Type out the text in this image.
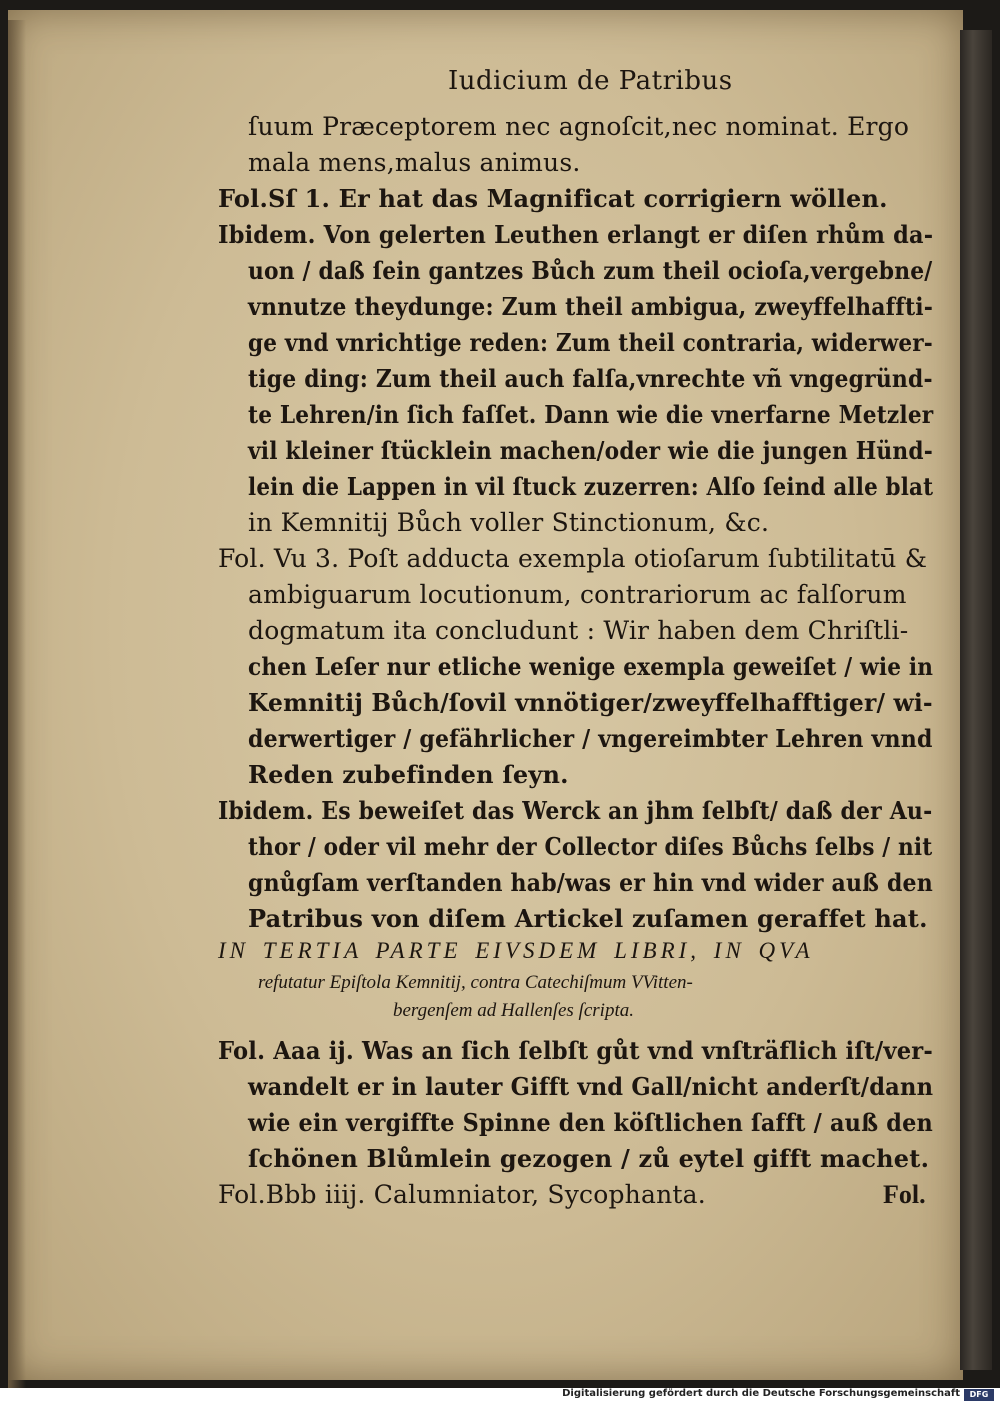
Iudicium de Patribus
ſuum Præceptorem nec agnoſcit,nec nominat. Ergo
mala mens,malus animus.
Fol.Sſ 1. Er hat das Magnificat corrigiern wöllen.
Ibidem. Von gelerten Leuthen erlangt er diſen rhům da-
uon / daß ſein gantzes Bůch zum theil ocioſa,vergebne/
vnnutze theydunge: Zum theil ambigua, zweyffelhaffti-
ge vnd vnrichtige reden: Zum theil contraria, widerwer-
tige ding: Zum theil auch falſa,vnrechte vñ vngegründ-
te Lehren/in ſich faſſet. Dann wie die vnerfarne Metzler
vil kleiner ſtücklein machen/oder wie die jungen Hünd-
lein die Lappen in vil ſtuck zuzerren: Alſo ſeind alle blat
in Kemnitij Bůch voller Stinctionum, &c.
Fol. Vu 3. Poſt adducta exempla otioſarum ſubtilitatū &
ambiguarum locutionum, contrariorum ac falſorum
dogmatum ita concludunt : Wir haben dem Chriſtli-
chen Leſer nur etliche wenige exempla geweiſet / wie in
Kemnitij Bůch/ſovil vnnötiger/zweyffelhafftiger/ wi-
derwertiger / gefährlicher / vngereimbter Lehren vnnd
Reden zubefinden ſeyn.
Ibidem. Es beweiſet das Werck an jhm ſelbſt/ daß der Au-
thor / oder vil mehr der Collector diſes Bůchs ſelbs / nit
gnůgſam verſtanden hab/was er hin vnd wider auß den
Patribus von diſem Artickel zuſamen geraffet hat.
IN TERTIA PARTE EIVSDEM LIBRI, IN QVA
refutatur Epiſtola Kemnitij, contra Catechiſmum VVitten-
bergenſem ad Hallenſes ſcripta.
Fol. Aaa ij. Was an ſich ſelbſt gůt vnd vnſträflich iſt/ver-
wandelt er in lauter Gifft vnd Gall/nicht anderſt/dann
wie ein vergiffte Spinne den köſtlichen ſafft / auß den
ſchönen Blůmlein gezogen / zů eytel gifft machet.
Fol.Bbb iiij. Calumniator, Sycophanta.	Fol.
Digitalisierung gefördert durch die Deutsche Forschungsgemeinschaft	DFG
